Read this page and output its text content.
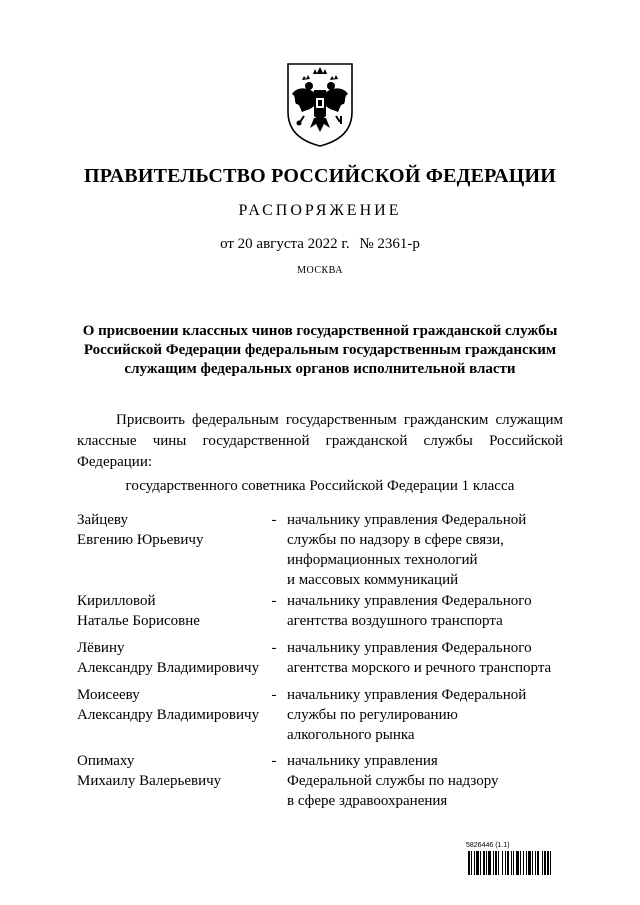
ПРАВИТЕЛЬСТВО РОССИЙСКОЙ ФЕДЕРАЦИИ
РАСПОРЯЖЕНИЕ
от 20 августа 2022 г. № 2361-р
МОСКВА
О присвоении классных чинов государственной гражданской службы
Российской Федерации федеральным государственным гражданским
служащим федеральных органов исполнительной власти
Присвоить федеральным государственным гражданским служащим классные чины государственной гражданской службы Российской Федерации:
государственного советника Российской Федерации 1 класса
Зайцеву
Евгению Юрьевичу
- начальнику управления Федеральной
службы по надзору в сфере связи,
информационных технологий
и массовых коммуникаций
Кирилловой
Наталье Борисовне
- начальнику управления Федерального
агентства воздушного транспорта
Лёвину
Александру Владимировичу
- начальнику управления Федерального
агентства морского и речного транспорта
Моисееву
Александру Владимировичу
- начальнику управления Федеральной
службы по регулированию
алкогольного рынка
Опимаху
Михаилу Валерьевичу
- начальнику управления
Федеральной службы по надзору
в сфере здравоохранения
5826446 (1.1)
